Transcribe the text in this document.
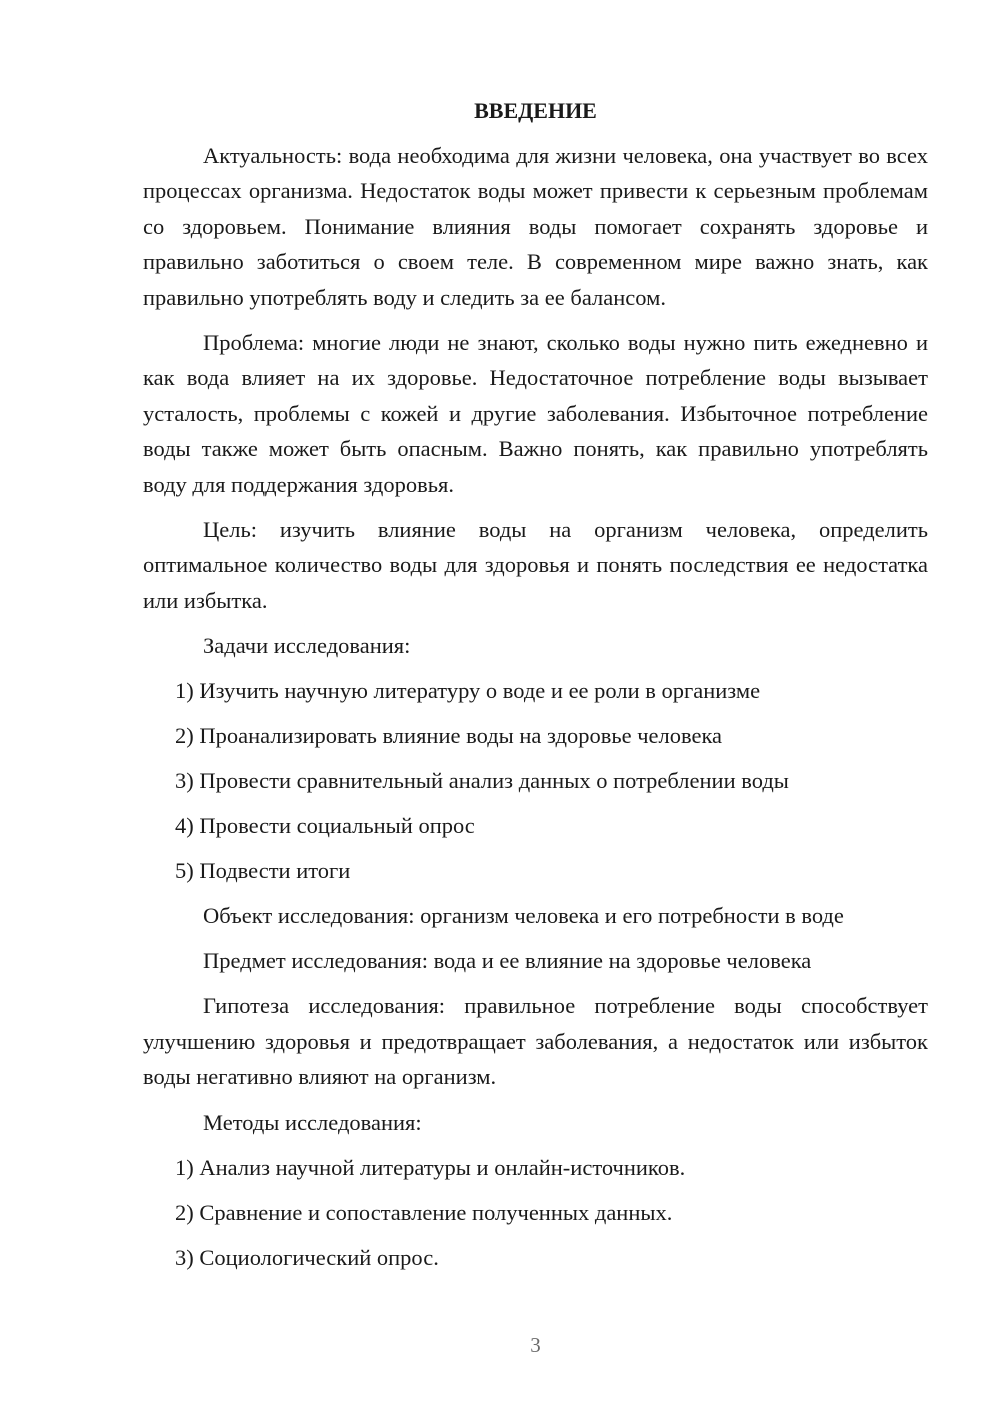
ВВЕДЕНИЕ

Актуальность: вода необходима для жизни человека, она участвует во всех процессах организма. Недостаток воды может привести к серьезным проблемам со здоровьем. Понимание влияния воды помогает сохранять здоровье и правильно заботиться о своем теле. В современном мире важно знать, как правильно употреблять воду и следить за ее балансом.

Проблема: многие люди не знают, сколько воды нужно пить ежедневно и как вода влияет на их здоровье. Недостаточное потребление воды вызывает усталость, проблемы с кожей и другие заболевания. Избыточное потребление воды также может быть опасным. Важно понять, как правильно употреблять воду для поддержания здоровья.

Цель: изучить влияние воды на организм человека, определить оптимальное количество воды для здоровья и понять последствия ее недостатка или избытка.

Задачи исследования:
1) Изучить научную литературу о воде и ее роли в организме
2) Проанализировать влияние воды на здоровье человека
3) Провести сравнительный анализ данных о потреблении воды
4) Провести социальный опрос
5) Подвести итоги
Объект исследования: организм человека и его потребности в воде
Предмет исследования: вода и ее влияние на здоровье человека

Гипотеза исследования: правильное потребление воды способствует улучшению здоровья и предотвращает заболевания, а недостаток или избыток воды негативно влияют на организм.

Методы исследования:
1) Анализ научной литературы и онлайн-источников.
2) Сравнение и сопоставление полученных данных.
3) Социологический опрос.
3
